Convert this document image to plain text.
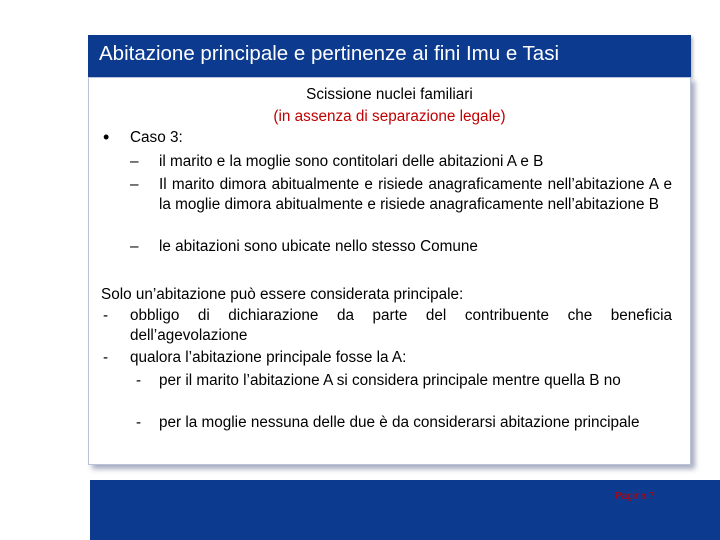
Abitazione principale e pertinenze ai fini Imu e Tasi
Scissione nuclei familiari
(in assenza di separazione legale)
• Caso 3:
– il marito e la moglie sono contitolari delle abitazioni A e B
– Il marito dimora abitualmente e risiede anagraficamente nell’abitazione A e la moglie dimora abitualmente e risiede anagraficamente nell’abitazione B
– le abitazioni sono ubicate nello stesso Comune
Solo un’abitazione può essere considerata principale:
- obbligo di dichiarazione da parte del contribuente che beneficia dell’agevolazione
- qualora l’abitazione principale fosse la A:
- per il marito l’abitazione A si considera principale mentre quella B no
- per la moglie nessuna delle due è da considerarsi abitazione principale
Pagina 7
